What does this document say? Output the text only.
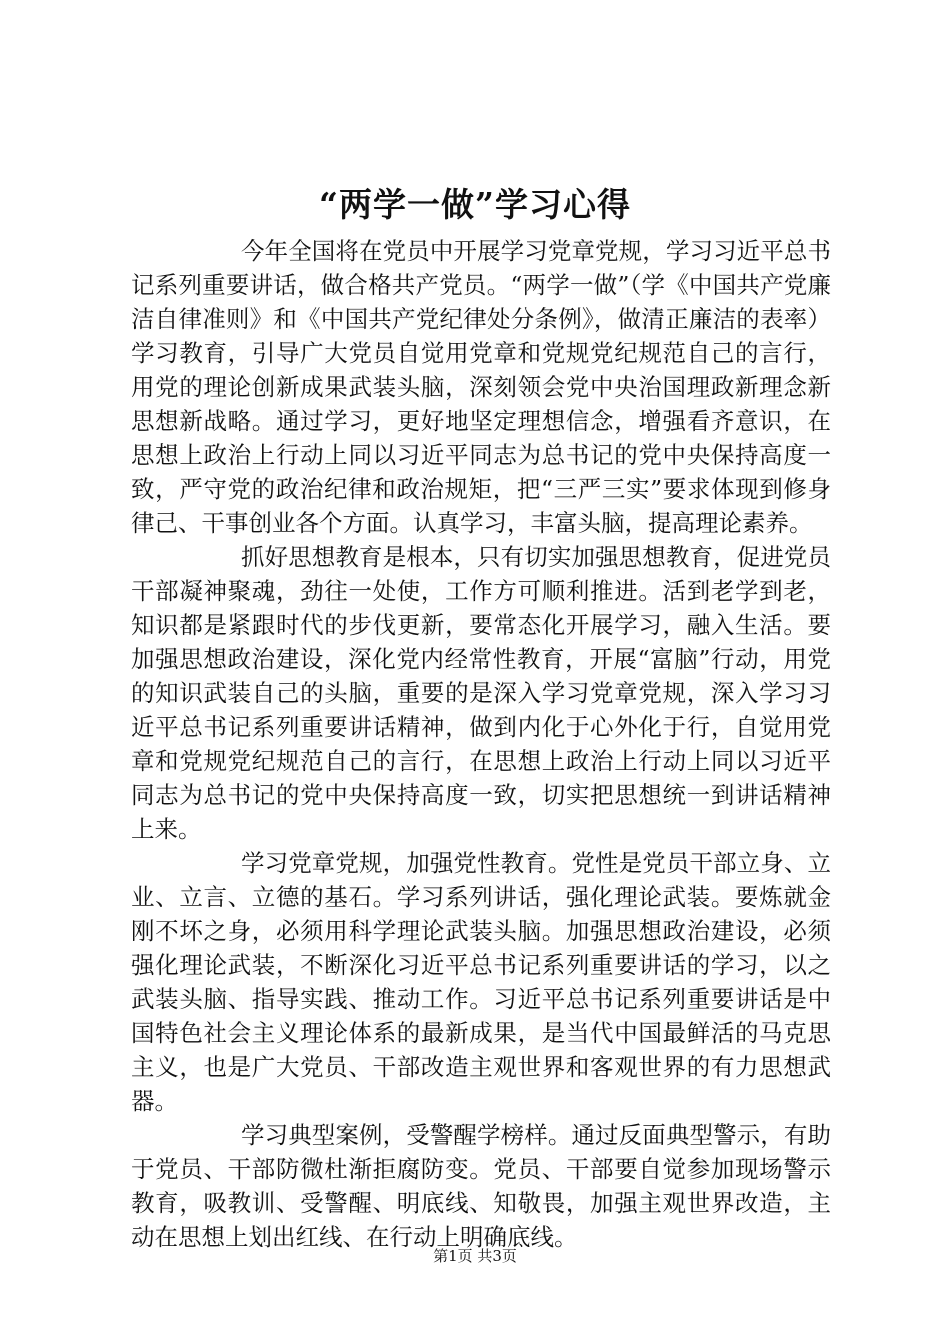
“两学一做”学习心得

今年全国将在党员中开展学习党章党规，学习习近平总书记系列重要讲话，做合格共产党员。“两学一做”（学《中国共产党廉洁自律准则》和《中国共产党纪律处分条例》，做清正廉洁的表率）学习教育，引导广大党员自觉用党章和党规党纪规范自己的言行，用党的理论创新成果武装头脑，深刻领会党中央治国理政新理念新思想新战略。通过学习，更好地坚定理想信念，增强看齐意识，在思想上政治上行动上同以习近平同志为总书记的党中央保持高度一致，严守党的政治纪律和政治规矩，把“三严三实”要求体现到修身律己、干事创业各个方面。认真学习，丰富头脑，提高理论素养。

抓好思想教育是根本，只有切实加强思想教育，促进党员干部凝神聚魂，劲往一处使，工作方可顺利推进。活到老学到老，知识都是紧跟时代的步伐更新，要常态化开展学习，融入生活。要加强思想政治建设，深化党内经常性教育，开展“富脑”行动，用党的知识武装自己的头脑，重要的是深入学习党章党规，深入学习习近平总书记系列重要讲话精神，做到内化于心外化于行，自觉用党章和党规党纪规范自己的言行，在思想上政治上行动上同以习近平同志为总书记的党中央保持高度一致，切实把思想统一到讲话精神上来。

学习党章党规，加强党性教育。党性是党员干部立身、立业、立言、立德的基石。学习系列讲话，强化理论武装。要炼就金刚不坏之身，必须用科学理论武装头脑。加强思想政治建设，必须强化理论武装，不断深化习近平总书记系列重要讲话的学习，以之武装头脑、指导实践、推动工作。习近平总书记系列重要讲话是中国特色社会主义理论体系的最新成果，是当代中国最鲜活的马克思主义，也是广大党员、干部改造主观世界和客观世界的有力思想武器。

学习典型案例，受警醒学榜样。通过反面典型警示，有助于党员、干部防微杜渐拒腐防变。党员、干部要自觉参加现场警示教育，吸教训、受警醒、明底线、知敬畏，加强主观世界改造，主动在思想上划出红线、在行动上明确底线。

第1页 共3页
